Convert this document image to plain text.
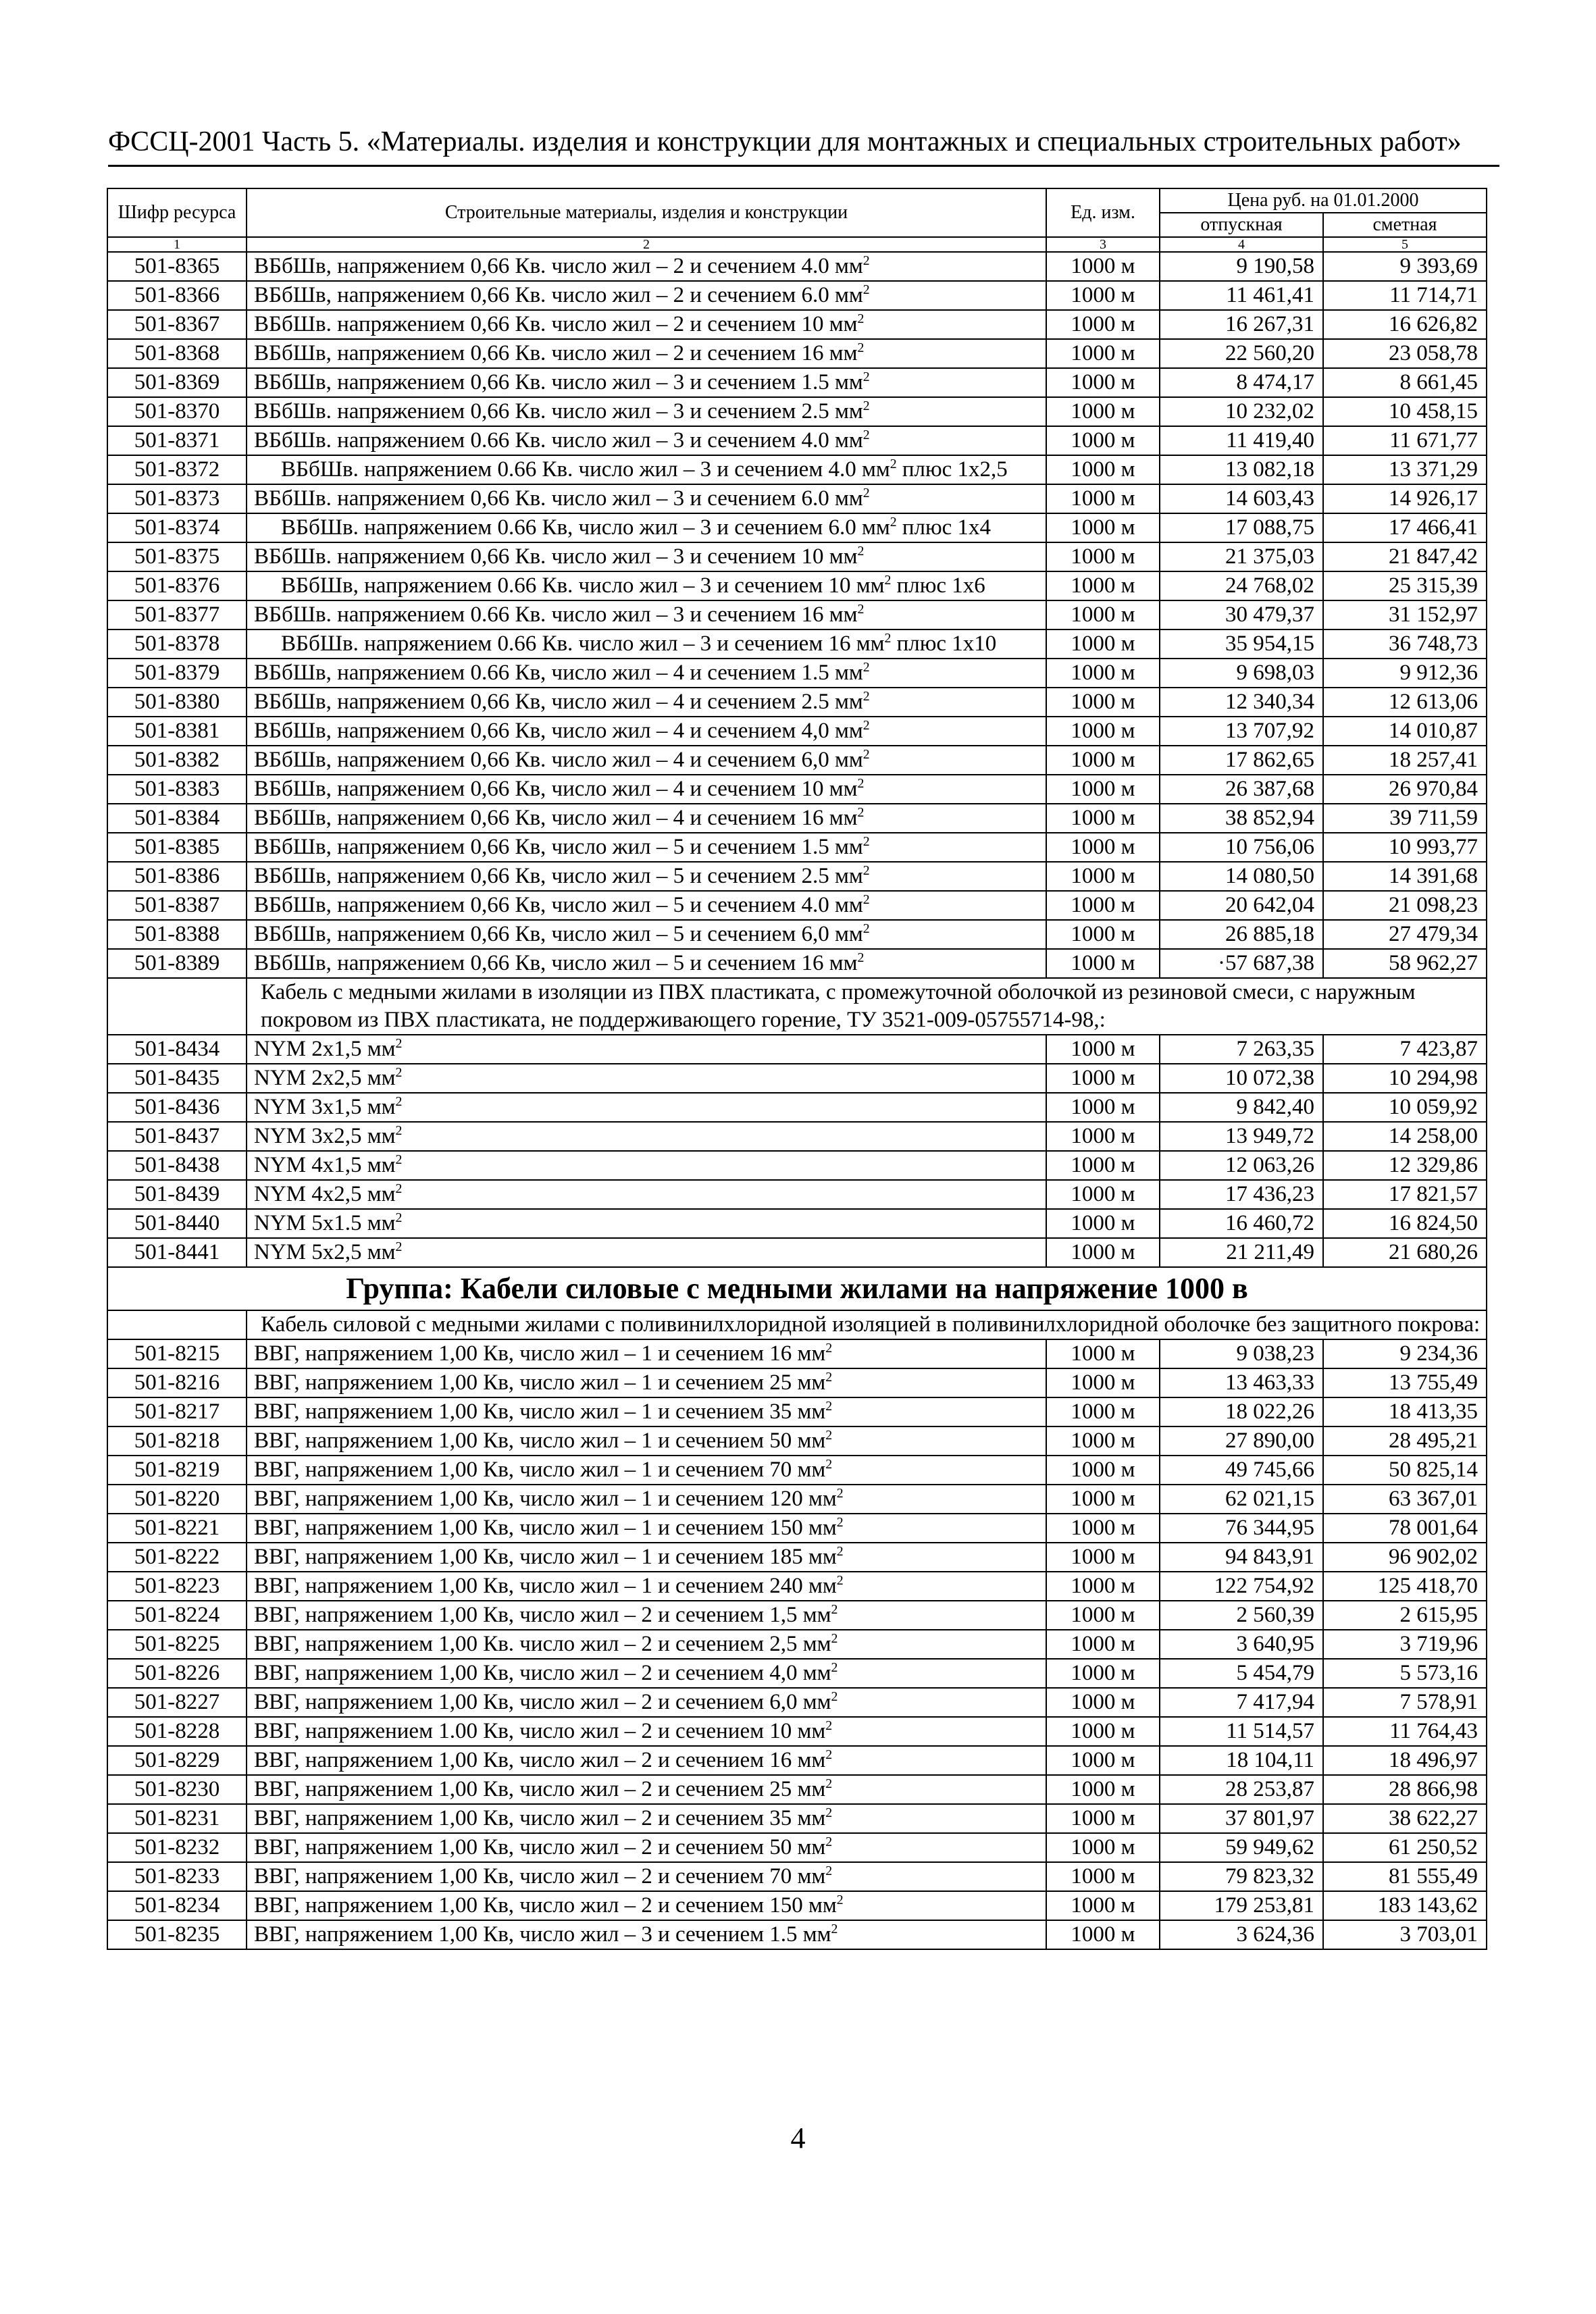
ФССЦ-2001 Часть 5. «Материалы. изделия и конструкции для монтажных и специальных строительных работ»
Шифр ресурса	Строительные материалы, изделия и конструкции	Ед. изм.	Цена руб. на 01.01.2000	
			отпускная	сметная
1	2	3	4	5
501-8365	ВБбШв, напряжением 0,66 Кв. число жил – 2 и сечением 4.0 $мм^2$	1000 м	9 190,58	9 393,69
501-8366	ВБбШв, напряжением 0,66 Кв. число жил – 2 и сечением 6.0 $мм^2$	1000 м	11 461,41	11 714,71
501-8367	ВБбШв. напряжением 0,66 Кв. число жил – 2 и сечением 10 $мм^2$	1000 м	16 267,31	16 626,82
501-8368	ВБбШв, напряжением 0,66 Кв. число жил – 2 и сечением 16 $мм^2$	1000 м	22 560,20	23 058,78
501-8369	ВБбШв, напряжением 0,66 Кв. число жил – 3 и сечением 1.5 $мм^2$	1000 м	8 474,17	8 661,45
501-8370	ВБбШв. напряжением 0,66 Кв. число жил – 3 и сечением 2.5 $мм^2$	1000 м	10 232,02	10 458,15
501-8371	ВБбШв. напряжением 0.66 Кв. число жил – 3 и сечением 4.0 $мм^2$	1000 м	11 419,40	11 671,77
501-8372	ВБбШв. напряжением 0.66 Кв. число жил – 3 и сечением 4.0 $мм^2$ плюс 1х2,5	1000 м	13 082,18	13 371,29
501-8373	ВБбШв. напряжением 0,66 Кв. число жил – 3 и сечением 6.0 $мм^2$	1000 м	14 603,43	14 926,17
501-8374	ВБбШв. напряжением 0.66 Кв, число жил – 3 и сечением 6.0 $мм^2$ плюс 1х4	1000 м	17 088,75	17 466,41
501-8375	ВБбШв. напряжением 0,66 Кв. число жил – 3 и сечением 10 $мм^2$	1000 м	21 375,03	21 847,42
501-8376	ВБбШв, напряжением 0.66 Кв. число жил – 3 и сечением 10 $мм^2$ плюс 1х6	1000 м	24 768,02	25 315,39
501-8377	ВБбШв. напряжением 0.66 Кв. число жил – 3 и сечением 16 $мм^2$	1000 м	30 479,37	31 152,97
501-8378	ВБбШв. напряжением 0.66 Кв. число жил – 3 и сечением 16 $мм^2$ плюс 1х10	1000 м	35 954,15	36 748,73
501-8379	ВБбШв, напряжением 0.66 Кв, число жил – 4 и сечением 1.5 $мм^2$	1000 м	9 698,03	9 912,36
501-8380	ВБбШв, напряжением 0,66 Кв, число жил – 4 и сечением 2.5 $мм^2$	1000 м	12 340,34	12 613,06
501-8381	ВБбШв, напряжением 0,66 Кв, число жил – 4 и сечением 4,0 $мм^2$	1000 м	13 707,92	14 010,87
501-8382	ВБбШв, напряжением 0,66 Кв. число жил – 4 и сечением 6,0 $мм^2$	1000 м	17 862,65	18 257,41
501-8383	ВБбШв, напряжением 0,66 Кв, число жил – 4 и сечением 10 $мм^2$	1000 м	26 387,68	26 970,84
501-8384	ВБбШв, напряжением 0,66 Кв, число жил – 4 и сечением 16 $мм^2$	1000 м	38 852,94	39 711,59
501-8385	ВБбШв, напряжением 0,66 Кв, число жил – 5 и сечением 1.5 $мм^2$	1000 м	10 756,06	10 993,77
501-8386	ВБбШв, напряжением 0,66 Кв, число жил – 5 и сечением 2.5 $мм^2$	1000 м	14 080,50	14 391,68
501-8387	ВБбШв, напряжением 0,66 Кв, число жил – 5 и сечением 4.0 $мм^2$	1000 м	20 642,04	21 098,23
501-8388	ВБбШв, напряжением 0,66 Кв, число жил – 5 и сечением 6,0 $мм^2$	1000 м	26 885,18	27 479,34
501-8389	ВБбШв, напряжением 0,66 Кв, число жил – 5 и сечением 16 $мм^2$	1000 м	·57 687,38	58 962,27
	Кабель с медными жилами в изоляции из ПВХ пластиката, с промежуточной оболочкой из резиновой смеси, с наружным покровом из ПВХ пластиката, не поддерживающего горение, ТУ 3521-009-05755714-98,:			
501-8434	NYM 2х1,5 $мм^2$	1000 м	7 263,35	7 423,87
501-8435	NYM 2х2,5 $мм^2$	1000 м	10 072,38	10 294,98
501-8436	NYM 3х1,5 $мм^2$	1000 м	9 842,40	10 059,92
501-8437	NYM 3х2,5 $мм^2$	1000 м	13 949,72	14 258,00
501-8438	NYM 4х1,5 $мм^2$	1000 м	12 063,26	12 329,86
501-8439	NYM 4х2,5 $мм^2$	1000 м	17 436,23	17 821,57
501-8440	NYM 5х1.5 $мм^2$	1000 м	16 460,72	16 824,50
501-8441	NYM 5х2,5 $мм^2$	1000 м	21 211,49	21 680,26
Группа: Кабели силовые с медными жилами на напряжение 1000 в				
	Кабель силовой с медными жилами с поливинилхлоридной изоляцией в поливинилхлоридной оболочке без защитного покрова:			
501-8215	ВВГ, напряжением 1,00 Кв, число жил – 1 и сечением 16 $мм^2$	1000 м	9 038,23	9 234,36
501-8216	ВВГ, напряжением 1,00 Кв, число жил – 1 и сечением 25 $мм^2$	1000 м	13 463,33	13 755,49
501-8217	ВВГ, напряжением 1,00 Кв, число жил – 1 и сечением 35 $мм^2$	1000 м	18 022,26	18 413,35
501-8218	ВВГ, напряжением 1,00 Кв, число жил – 1 и сечением 50 $мм^2$	1000 м	27 890,00	28 495,21
501-8219	ВВГ, напряжением 1,00 Кв, число жил – 1 и сечением 70 $мм^2$	1000 м	49 745,66	50 825,14
501-8220	ВВГ, напряжением 1,00 Кв, число жил – 1 и сечением 120 $мм^2$	1000 м	62 021,15	63 367,01
501-8221	ВВГ, напряжением 1,00 Кв, число жил – 1 и сечением 150 $мм^2$	1000 м	76 344,95	78 001,64
501-8222	ВВГ, напряжением 1,00 Кв, число жил – 1 и сечением 185 $мм^2$	1000 м	94 843,91	96 902,02
501-8223	ВВГ, напряжением 1,00 Кв, число жил – 1 и сечением 240 $мм^2$	1000 м	122 754,92	125 418,70
501-8224	ВВГ, напряжением 1,00 Кв, число жил – 2 и сечением 1,5 $мм^2$	1000 м	2 560,39	2 615,95
501-8225	ВВГ, напряжением 1,00 Кв. число жил – 2 и сечением 2,5 $мм^2$	1000 м	3 640,95	3 719,96
501-8226	ВВГ, напряжением 1,00 Кв, число жил – 2 и сечением 4,0 $мм^2$	1000 м	5 454,79	5 573,16
501-8227	ВВГ, напряжением 1,00 Кв, число жил – 2 и сечением 6,0 $мм^2$	1000 м	7 417,94	7 578,91
501-8228	ВВГ, напряжением 1.00 Кв, число жил – 2 и сечением 10 $мм^2$	1000 м	11 514,57	11 764,43
501-8229	ВВГ, напряжением 1,00 Кв, число жил – 2 и сечением 16 $мм^2$	1000 м	18 104,11	18 496,97
501-8230	ВВГ, напряжением 1,00 Кв, число жил – 2 и сечением 25 $мм^2$	1000 м	28 253,87	28 866,98
501-8231	ВВГ, напряжением 1,00 Кв, число жил – 2 и сечением 35 $мм^2$	1000 м	37 801,97	38 622,27
501-8232	ВВГ, напряжением 1,00 Кв, число жил – 2 и сечением 50 $мм^2$	1000 м	59 949,62	61 250,52
501-8233	ВВГ, напряжением 1,00 Кв, число жил – 2 и сечением 70 $мм^2$	1000 м	79 823,32	81 555,49
501-8234	ВВГ, напряжением 1,00 Кв, число жил – 2 и сечением 150 $мм^2$	1000 м	179 253,81	183 143,62
501-8235	ВВГ, напряжением 1,00 Кв, число жил – 3 и сечением 1.5 $мм^2$	1000 м	3 624,36	3 703,01
4
